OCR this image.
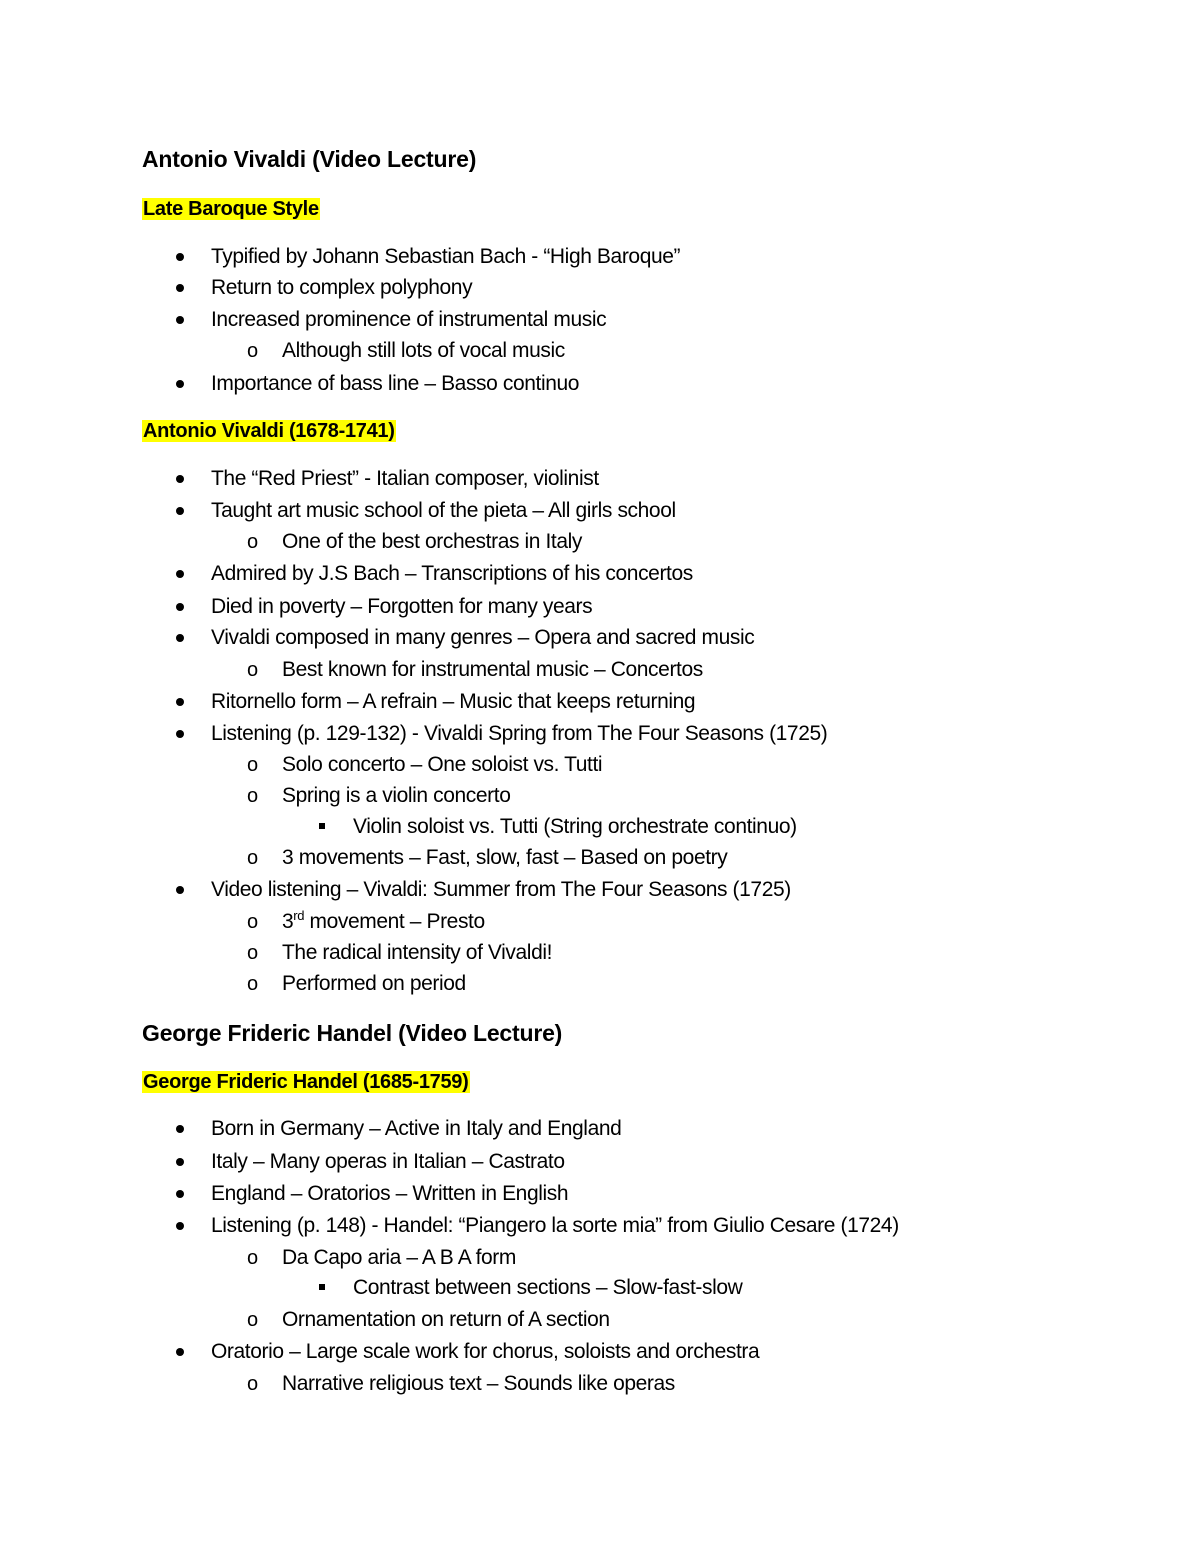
Antonio Vivaldi (Video Lecture)
Late Baroque Style
Typified by Johann Sebastian Bach - “High Baroque”
Return to complex polyphony
Increased prominence of instrumental music
o Although still lots of vocal music
Importance of bass line – Basso continuo
Antonio Vivaldi (1678-1741)
The “Red Priest” - Italian composer, violinist
Taught art music school of the pieta – All girls school
o One of the best orchestras in Italy
Admired by J.S Bach – Transcriptions of his concertos
Died in poverty – Forgotten for many years
Vivaldi composed in many genres – Opera and sacred music
o Best known for instrumental music – Concertos
Ritornello form – A refrain – Music that keeps returning
Listening (p. 129-132) - Vivaldi Spring from The Four Seasons (1725)
o Solo concerto – One soloist vs. Tutti
o Spring is a violin concerto
Violin soloist vs. Tutti (String orchestrate continuo)
o 3 movements – Fast, slow, fast – Based on poetry
Video listening – Vivaldi: Summer from The Four Seasons (1725)
o 3rd movement – Presto
o The radical intensity of Vivaldi!
o Performed on period
George Frideric Handel (Video Lecture)
George Frideric Handel (1685-1759)
Born in Germany – Active in Italy and England
Italy – Many operas in Italian – Castrato
England – Oratorios – Written in English
Listening (p. 148) - Handel: “Piangero la sorte mia” from Giulio Cesare (1724)
o Da Capo aria – A B A form
Contrast between sections – Slow-fast-slow
o Ornamentation on return of A section
Oratorio – Large scale work for chorus, soloists and orchestra
o Narrative religious text – Sounds like operas
